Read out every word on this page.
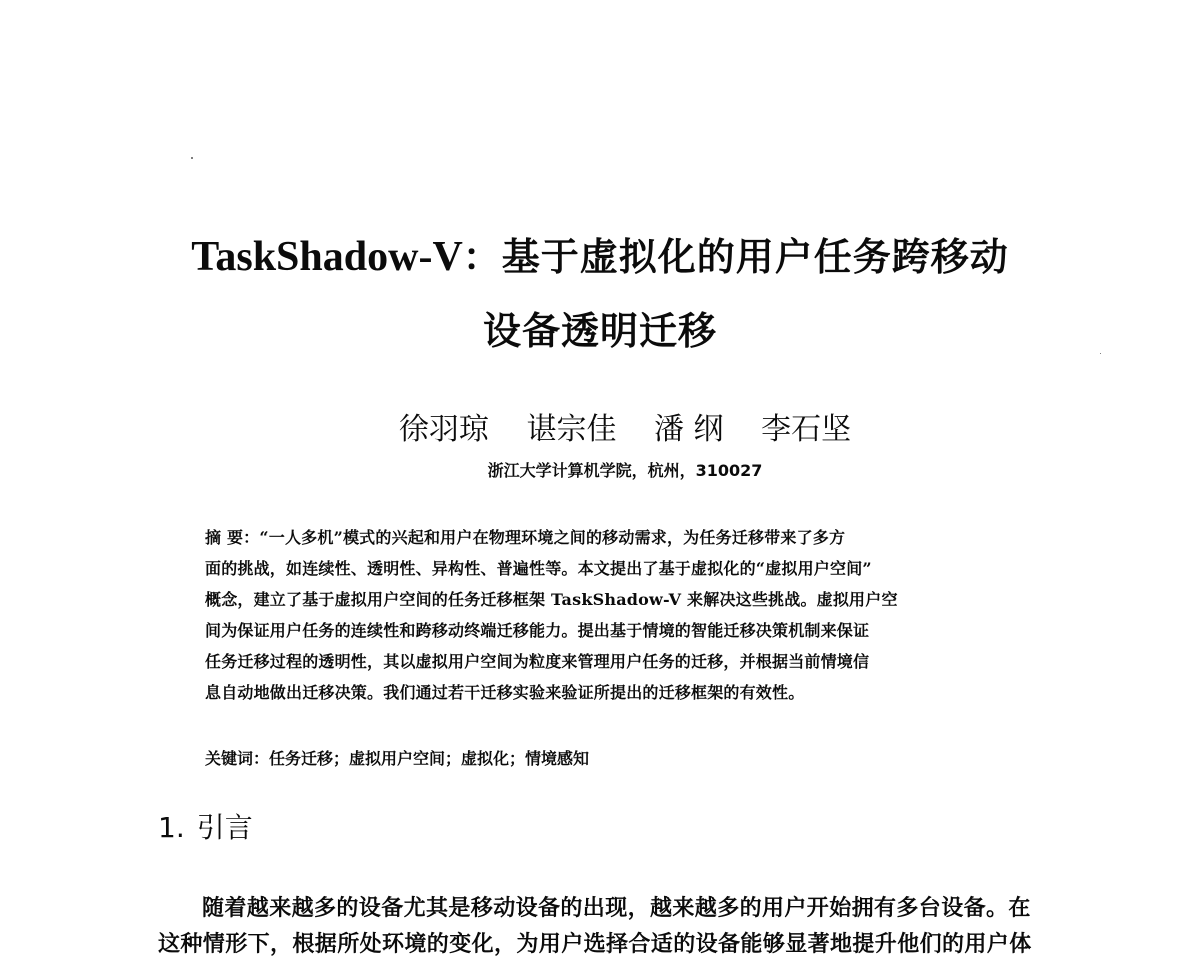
TaskShadow-V：基于虚拟化的用户任务跨移动
设备透明迁移
徐羽琼 谌宗佳 潘 纲 李石坚
浙江大学计算机学院，杭州，310027
摘 要：“一人多机”模式的兴起和用户在物理环境之间的移动需求，为任务迁移带来了多方
面的挑战，如连续性、透明性、异构性、普遍性等。本文提出了基于虚拟化的“虚拟用户空间”
概念，建立了基于虚拟用户空间的任务迁移框架 TaskShadow-V 来解决这些挑战。虚拟用户空
间为保证用户任务的连续性和跨移动终端迁移能力。提出基于情境的智能迁移决策机制来保证
任务迁移过程的透明性，其以虚拟用户空间为粒度来管理用户任务的迁移，并根据当前情境信
息自动地做出迁移决策。我们通过若干迁移实验来验证所提出的迁移框架的有效性。
关键词：任务迁移；虚拟用户空间；虚拟化；情境感知
1. 引言
随着越来越多的设备尤其是移动设备的出现，越来越多的用户开始拥有多台设备。在
这种情形下，根据所处环境的变化，为用户选择合适的设备能够显著地提升他们的用户体
